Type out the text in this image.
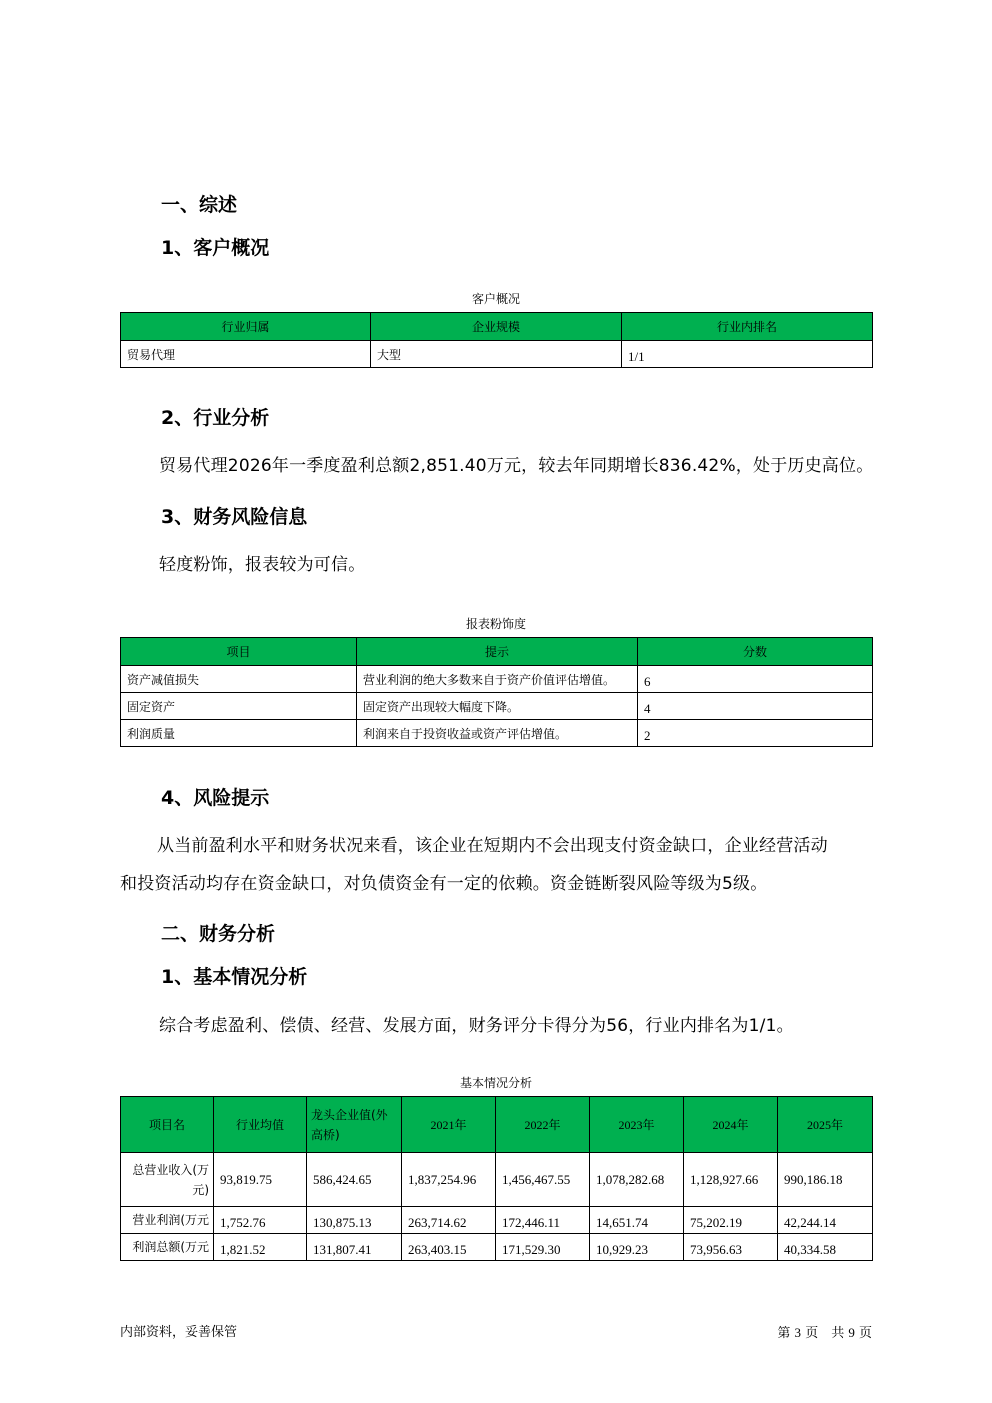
一、综述
1、客户概况
客户概况
行业归属	企业规模	行业内排名
贸易代理	大型	1/1
2、行业分析
贸易代理2026年一季度盈利总额2,851.40万元，较去年同期增长836.42%，处于历史高位。
3、财务风险信息
轻度粉饰，报表较为可信。
报表粉饰度
项目	提示	分数
资产减值损失	营业利润的绝大多数来自于资产价值评估增值。	6
固定资产	固定资产出现较大幅度下降。	4
利润质量	利润来自于投资收益或资产评估增值。	2
4、风险提示
从当前盈利水平和财务状况来看，该企业在短期内不会出现支付资金缺口，企业经营活动
和投资活动均存在资金缺口，对负债资金有一定的依赖。资金链断裂风险等级为5级。
二、财务分析
1、基本情况分析
综合考虑盈利、偿债、经营、发展方面，财务评分卡得分为56，行业内排名为1/1。
基本情况分析
项目名	行业均值	龙头企业值(外高桥)	2021年	2022年	2023年	2024年	2025年
总营业收入(万元)	93,819.75	586,424.65	1,837,254.96	1,456,467.55	1,078,282.68	1,128,927.66	990,186.18
营业利润(万元	1,752.76	130,875.13	263,714.62	172,446.11	14,651.74	75,202.19	42,244.14
利润总额(万元	1,821.52	131,807.41	263,403.15	171,529.30	10,929.23	73,956.63	40,334.58
内部资料，妥善保管	第 3 页　共 9 页
